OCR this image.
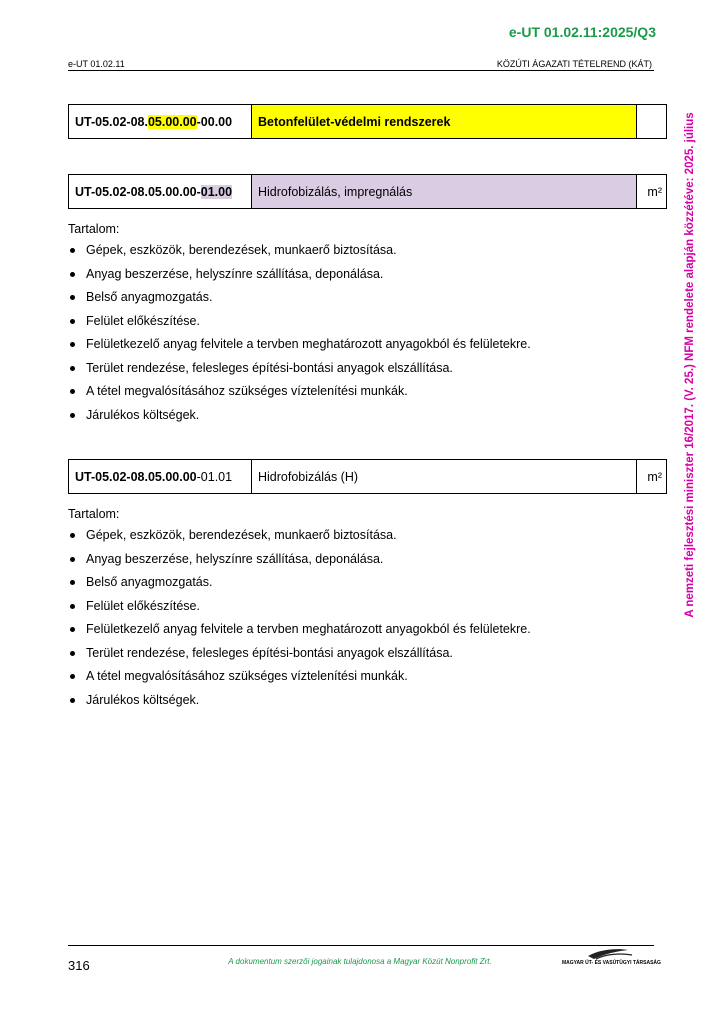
e-UT 01.02.11:2025/Q3
e-UT 01.02.11	KÖZÚTI ÁGAZATI TÉTELREND (KÁT)
A nemzeti fejlesztési miniszter 16/2017. (V. 25.) NFM rendelete alapján közzétéve: 2025. július
UT-05.02-08.05.00.00-00.00	Betonfelület-védelmi rendszerek	
UT-05.02-08.05.00.00-01.00	Hidrofobizálás, impregnálás	m²

Tartalom:

Gépek, eszközök, berendezések, munkaerő biztosítása.
Anyag beszerzése, helyszínre szállítása, deponálása.
Belső anyagmozgatás.
Felület előkészítése.
Felületkezelő anyag felvitele a tervben meghatározott anyagokból és felületekre.
Terület rendezése, felesleges építési-bontási anyagok elszállítása.
A tétel megvalósításához szükséges víztelenítési munkák.
Járulékos költségek.
UT-05.02-08.05.00.00-01.01	Hidrofobizálás (H)	m²

Tartalom:

Gépek, eszközök, berendezések, munkaerő biztosítása.
Anyag beszerzése, helyszínre szállítása, deponálása.
Belső anyagmozgatás.
Felület előkészítése.
Felületkezelő anyag felvitele a tervben meghatározott anyagokból és felületekre.
Terület rendezése, felesleges építési-bontási anyagok elszállítása.
A tétel megvalósításához szükséges víztelenítési munkák.
Járulékos költségek.
316	A dokumentum szerzői jogainak tulajdonosa a Magyar Közút Nonprofit Zrt.	MAGYAR ÚT- ÉS VASÚTÜGYI TÁRSASÁG
